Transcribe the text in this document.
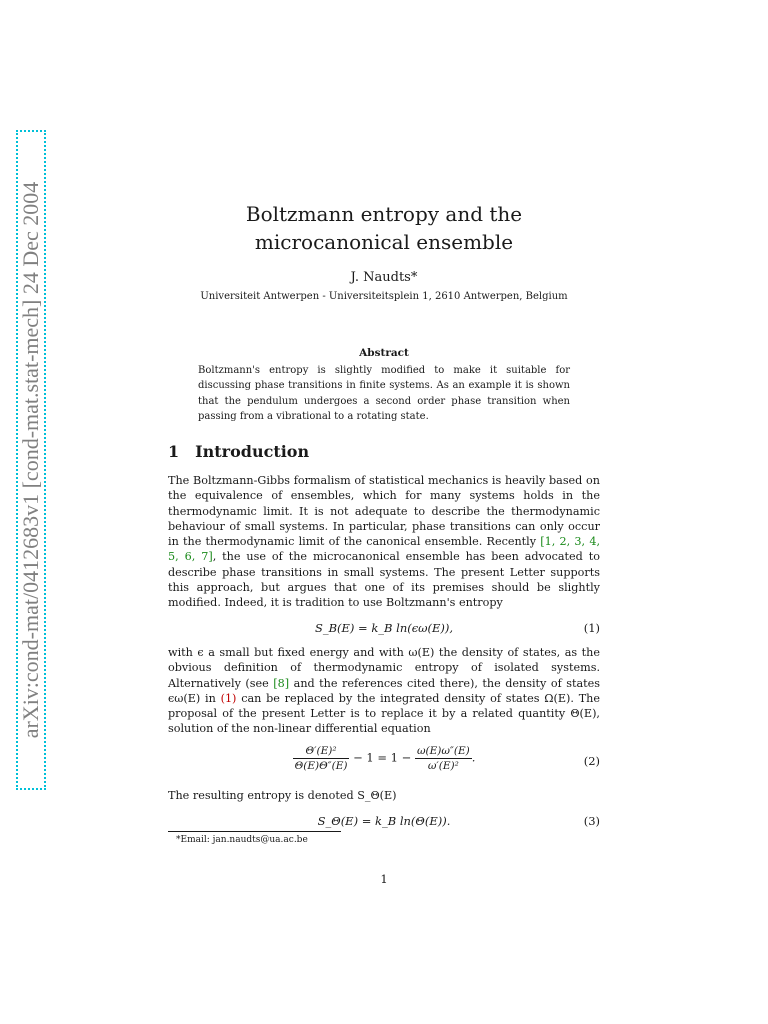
arXiv:cond-mat/0412683v1 [cond-mat.stat-mech] 24 Dec 2004	Boltzmann entropy and the microcanonical ensemble
J. Naudts*
Universiteit Antwerpen - Universiteitsplein 1, 2610 Antwerpen, Belgium
Abstract
Boltzmann's entropy is slightly modified to make it suitable for discussing phase transitions in finite systems. As an example it is shown that the pendulum undergoes a second order phase transition when passing from a vibrational to a rotating state.
1 Introduction
The Boltzmann-Gibbs formalism of statistical mechanics is heavily based on the equivalence of ensembles, which for many systems holds in the thermodynamic limit. It is not adequate to describe the thermodynamic behaviour of small systems. In particular, phase transitions can only occur in the thermodynamic limit of the canonical ensemble. Recently [1, 2, 3, 4, 5, 6, 7], the use of the microcanonical ensemble has been advocated to describe phase transitions in small systems. The present Letter supports this approach, but argues that one of its premises should be slightly modified. Indeed, it is tradition to use Boltzmann's entropy
S_B(E) = k_B ln(ϵω(E)),	(1)
with ϵ a small but fixed energy and with ω(E) the density of states, as the obvious definition of thermodynamic entropy of isolated systems. Alternatively (see [8] and the references cited there), the density of states ϵω(E) in (1) can be replaced by the integrated density of states Ω(E). The proposal of the present Letter is to replace it by a related quantity Θ(E), solution of the non-linear differential equation
$\frac{\text{Θ′(E)²}}{\Theta(E)\Theta''(E)} - 1 = 1 - \frac{\omega(E)\omega''(E)}{\text{ω′(E)²}}$ .	(2)
The resulting entropy is denoted S_Θ(E)
S_Θ(E) = k_B ln(Θ(E)).	(3)
*Email: jan.naudts@ua.ac.be
1
